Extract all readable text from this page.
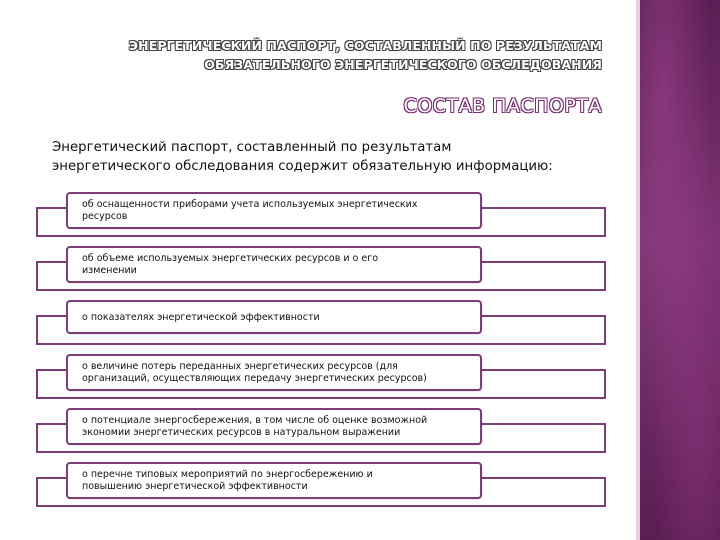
ЭНЕРГЕТИЧЕСКИЙ ПАСПОРТ, СОСТАВЛЕННЫЙ ПО РЕЗУЛЬТАТАМ
ОБЯЗАТЕЛЬНОГО ЭНЕРГЕТИЧЕСКОГО ОБСЛЕДОВАНИЯ
СОСТАВ ПАСПОРТА
Энергетический паспорт, составленный по результатам
энергетического обследования содержит обязательную информацию:
об оснащенности приборами учета используемых энергетических
ресурсов
об объеме используемых энергетических ресурсов и о его
изменении
о показателях энергетической эффективности
о величине потерь переданных энергетических ресурсов (для
организаций, осуществляющих передачу энергетических ресурсов)
о потенциале энергосбережения, в том числе об оценке возможной
экономии энергетических ресурсов в натуральном выражении
о перечне типовых мероприятий по энергосбережению и
повышению энергетической эффективности
